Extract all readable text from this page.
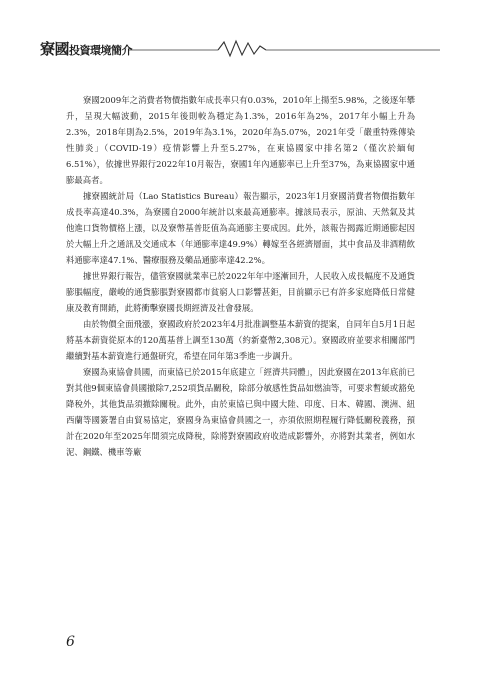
寮國投資環境簡介

寮國2009年之消費者物價指數年成長率只有0.03%，2010年上揚至5.98%，之後逐年攀升，呈現大幅波動，2015年後則較為穩定為1.3%，2016年為2%，2017年小幅上升為2.3%，2018年則為2.5%，2019年為3.1%，2020年為5.07%，2021年受「嚴重特殊傳染性肺炎」（COVID-19）疫情影響上升至5.27%，在東協國家中排名第2（僅次於緬甸6.51%），依據世界銀行2022年10月報告，寮國1年內通膨率已上升至37%，為東協國家中通膨最高者。

據寮國統計局（Lao Statistics Bureau）報告顯示，2023年1月寮國消費者物價指數年成長率高達40.3%，為寮國自2000年統計以來最高通膨率。據該局表示，原油、天然氣及其他進口貨物價格上漲，以及寮幣基普貶值為高通膨主要成因。此外，該報告揭露近期通膨起因於大幅上升之通訊及交通成本（年通膨率達49.9%）轉嫁至各經濟層面，其中食品及非酒精飲料通膨率達47.1%、醫療服務及藥品通膨率達42.2%。

據世界銀行報告，儘管寮國就業率已於2022年年中逐漸回升，人民收入成長幅度不及通貨膨脹幅度，嚴峻的通貨膨脹對寮國都市貧窮人口影響甚鉅，目前顯示已有許多家庭降低日常健康及教育開銷，此將衝擊寮國長期經濟及社會發展。

由於物價全面飛漲，寮國政府於2023年4月批准調整基本薪資的提案，自同年自5月1日起將基本薪資從原本的120萬基普上調至130萬（約新臺幣2,308元）。寮國政府並要求相關部門繼續對基本薪資進行通盤研究，希望在同年第3季進一步調升。

寮國為東協會員國，而東協已於2015年底建立「經濟共同體」，因此寮國在2013年底前已對其他9個東協會員國撤除7,252項貨品關稅，除部分敏感性貨品如燃油等，可要求暫緩或豁免降稅外，其他貨品須撤除關稅。此外，由於東協已與中國大陸、印度、日本、韓國、澳洲、紐西蘭等國簽署自由貿易協定，寮國身為東協會員國之一，亦須依照期程履行降低關稅義務，預計在2020年至2025年間須完成降稅，除將對寮國政府收造成影響外，亦將對其業者，例如水泥、鋼鐵、機車等廠

6
